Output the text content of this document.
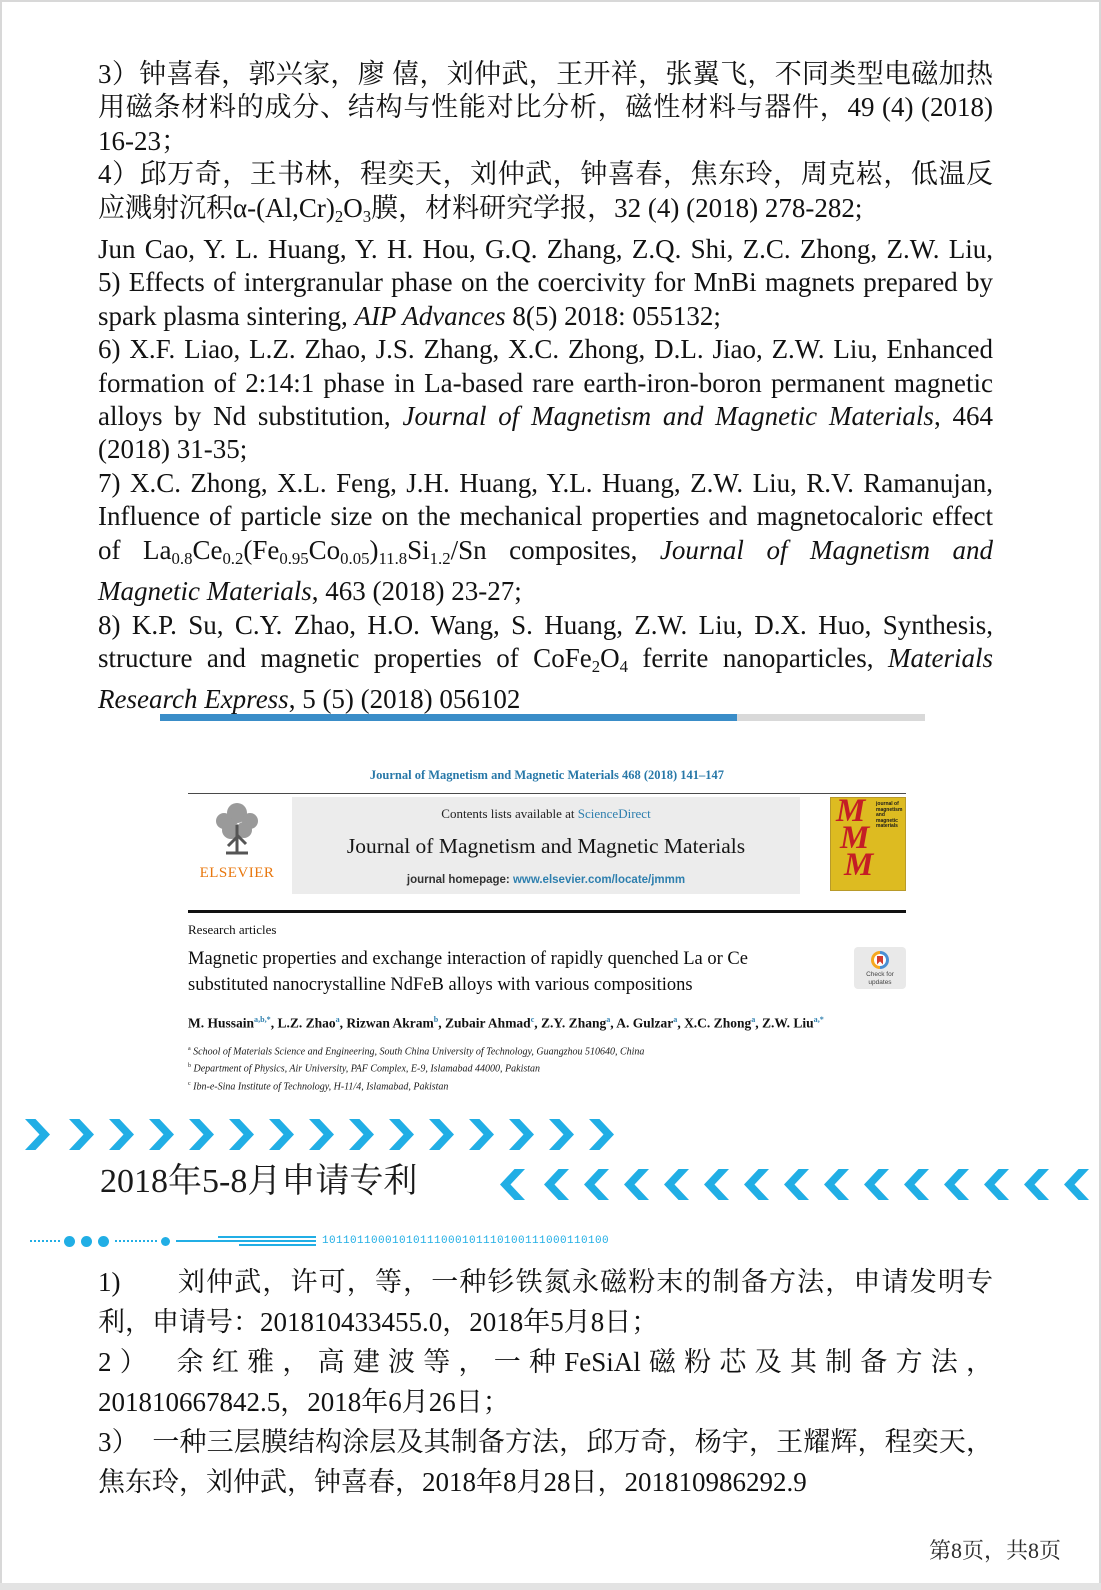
3）钟喜春，郭兴家，廖 僖，刘仲武，王开祥，张翼飞，不同类型电磁加热用磁条材料的成分、结构与性能对比分析，磁性材料与器件，49 (4) (2018) 16-23；

4）邱万奇，王书林，程奕天，刘仲武，钟喜春，焦东玲，周克崧，低温反应溅射沉积α-(Al,Cr)2O3膜，材料研究学报，32 (4) (2018) 278-282;

Jun Cao, Y. L. Huang, Y. H. Hou, G.Q. Zhang, Z.Q. Shi, Z.C. Zhong, Z.W. Liu,

5) Effects of intergranular phase on the coercivity for MnBi magnets prepared by spark plasma sintering, AIP Advances 8(5) 2018: 055132;

6) X.F. Liao, L.Z. Zhao, J.S. Zhang, X.C. Zhong, D.L. Jiao, Z.W. Liu, Enhanced formation of 2:14:1 phase in La-based rare earth-iron-boron permanent magnetic alloys by Nd substitution, Journal of Magnetism and Magnetic Materials, 464 (2018) 31-35;

7) X.C. Zhong, X.L. Feng, J.H. Huang, Y.L. Huang, Z.W. Liu, R.V. Ramanujan, Influence of particle size on the mechanical properties and magnetocaloric effect of La0.8Ce0.2(Fe0.95Co0.05)11.8Si1.2/Sn composites, Journal of Magnetism and Magnetic Materials, 463 (2018) 23-27;

8) K.P. Su, C.Y. Zhao, H.O. Wang, S. Huang, Z.W. Liu, D.X. Huo, Synthesis, structure and magnetic properties of CoFe2O4 ferrite nanoparticles, Materials Research Express, 5 (5) (2018) 056102

Journal of Magnetism and Magnetic Materials 468 (2018) 141–147
ELSEVIER
Contents lists available at ScienceDirect
Journal of Magnetism and Magnetic Materials
journal homepage: www.elsevier.com/locate/jmmm
journal of magnetism and magnetic materials
M
M
M
Research articles
Magnetic properties and exchange interaction of rapidly quenched La or Ce substituted nanocrystalline NdFeB alloys with various compositions	Check for updates
M. Hussain$^{a,b,*}$, L.Z. Zhao$^a$, Rizwan Akram$^b$, Zubair Ahmad$^c$, Z.Y. Zhang$^a$, A. Gulzar$^a$, X.C. Zhong$^a$, Z.W. Liu$^{a,*}$
$^a$ School of Materials Science and Engineering, South China University of Technology, Guangzhou 510640, China
$^b$ Department of Physics, Air University, PAF Complex, E-9, Islamabad 44000, Pakistan
$^c$ Ibn-e-Sina Institute of Technology, H-11/4, Islamabad, Pakistan

2018年5-8月申请专利

10110110001010111000101110100111000110100

1)　　刘仲武，许可，等，一种钐铁氮永磁粉末的制备方法，申请发明专利，申请号：201810433455.0，2018年5月8日；

2）　余红雅，高建波等，一种FeSiAl磁粉芯及其制备方法，201810667842.5，2018年6月26日；

3）　一种三层膜结构涂层及其制备方法，邱万奇，杨宇，王耀辉，程奕天，焦东玲，刘仲武，钟喜春，2018年8月28日，201810986292.9

第8页，共8页
